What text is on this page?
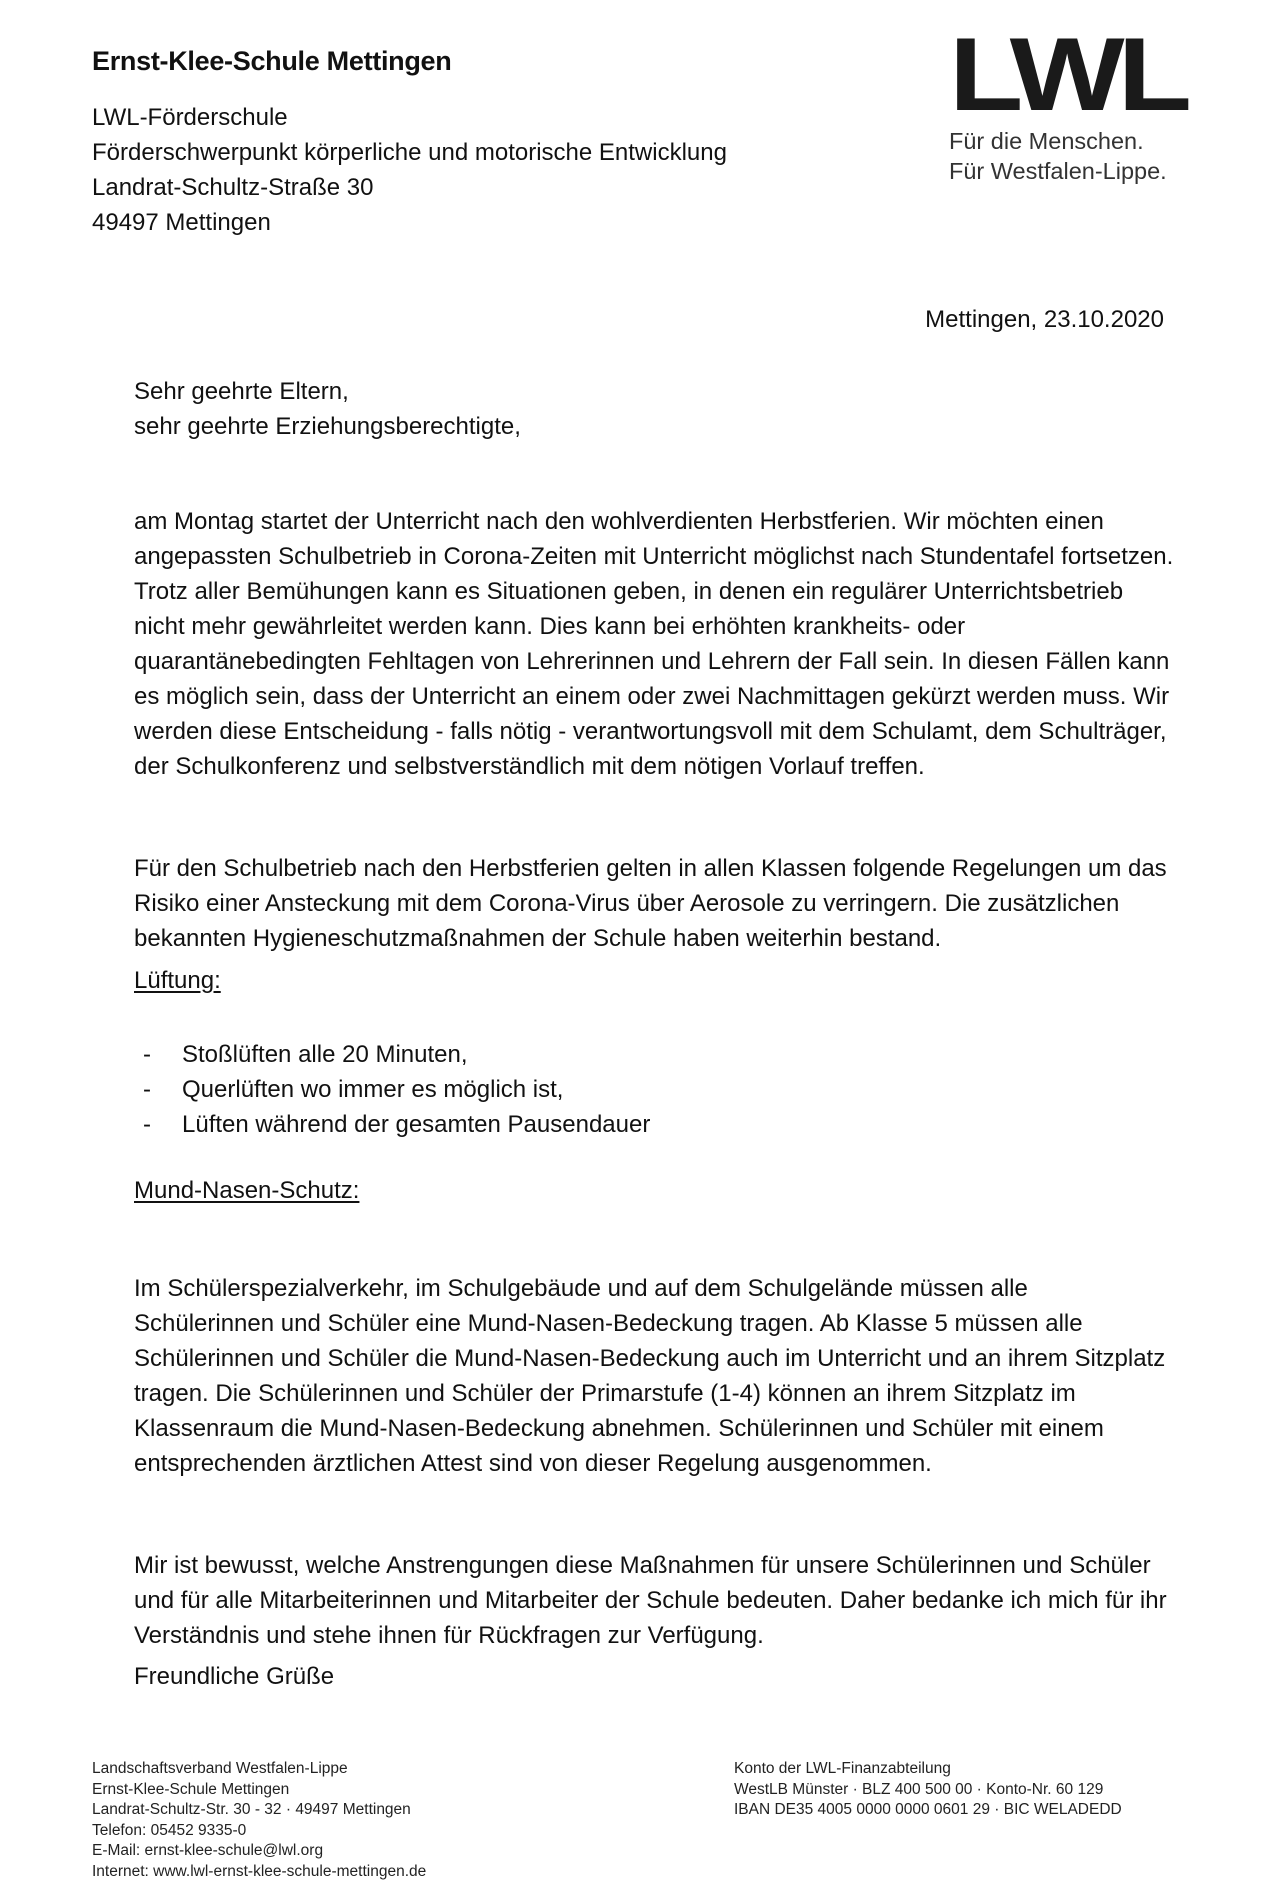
Ernst-Klee-Schule Mettingen
LWL-Förderschule
Förderschwerpunkt körperliche und motorische Entwicklung
Landrat-Schultz-Straße 30
49497 Mettingen
LWL
Für die Menschen.
Für Westfalen-Lippe.
Mettingen, 23.10.2020
Sehr geehrte Eltern,
sehr geehrte Erziehungsberechtigte,

am Montag startet der Unterricht nach den wohlverdienten Herbstferien. Wir möchten einen angepassten Schulbetrieb in Corona-Zeiten mit Unterricht möglichst nach Stundentafel fortsetzen. Trotz aller Bemühungen kann es Situationen geben, in denen ein regulärer Unterrichtsbetrieb nicht mehr gewährleitet werden kann. Dies kann bei erhöhten krankheits- oder quarantänebedingten Fehltagen von Lehrerinnen und Lehrern der Fall sein. In diesen Fällen kann es möglich sein, dass der Unterricht an einem oder zwei Nachmittagen gekürzt werden muss. Wir werden diese Entscheidung - falls nötig - verantwortungsvoll mit dem Schulamt, dem Schulträger, der Schulkonferenz und selbstverständlich mit dem nötigen Vorlauf treffen.

Für den Schulbetrieb nach den Herbstferien gelten in allen Klassen folgende Regelungen um das Risiko einer Ansteckung mit dem Corona-Virus über Aerosole zu verringern. Die zusätzlichen bekannten Hygieneschutzmaßnahmen der Schule haben weiterhin bestand.

Lüftung:
-	Stoßlüften alle 20 Minuten,
-	Querlüften wo immer es möglich ist,
-	Lüften während der gesamten Pausendauer
Mund-Nasen-Schutz:

Im Schülerspezialverkehr, im Schulgebäude und auf dem Schulgelände müssen alle Schülerinnen und Schüler eine Mund-Nasen-Bedeckung tragen. Ab Klasse 5 müssen alle Schülerinnen und Schüler die Mund-Nasen-Bedeckung auch im Unterricht und an ihrem Sitzplatz tragen. Die Schülerinnen und Schüler der Primarstufe (1-4) können an ihrem Sitzplatz im Klassenraum die Mund-Nasen-Bedeckung abnehmen. Schülerinnen und Schüler mit einem entsprechenden ärztlichen Attest sind von dieser Regelung ausgenommen.

Mir ist bewusst, welche Anstrengungen diese Maßnahmen für unsere Schülerinnen und Schüler und für alle Mitarbeiterinnen und Mitarbeiter der Schule bedeuten. Daher bedanke ich mich für ihr Verständnis und stehe ihnen für Rückfragen zur Verfügung.

Freundliche Grüße
Landschaftsverband Westfalen-Lippe
Ernst-Klee-Schule Mettingen
Landrat-Schultz-Str. 30 - 32 · 49497 Mettingen
Telefon: 05452 9335-0
E-Mail: ernst-klee-schule@lwl.org
Internet: www.lwl-ernst-klee-schule-mettingen.de
Konto der LWL-Finanzabteilung
WestLB Münster · BLZ 400 500 00 · Konto-Nr. 60 129
IBAN DE35 4005 0000 0000 0601 29 · BIC WELADEDD
